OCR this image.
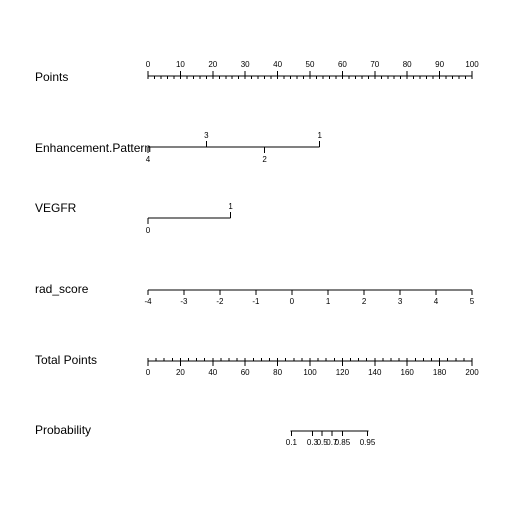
Points
0	10	20	30	40	50	60	70	80	90	100
Enhancement.Pattern
4
3
2
1
VEGFR
0
1
rad_score
-4	-3	-2	-1	0	1	2	3	4	5
Total Points
0	20	40	60	80	100 120 140 160 180 200
Probability
0.1 0.3
0.5
0.7
0.85 0.95
